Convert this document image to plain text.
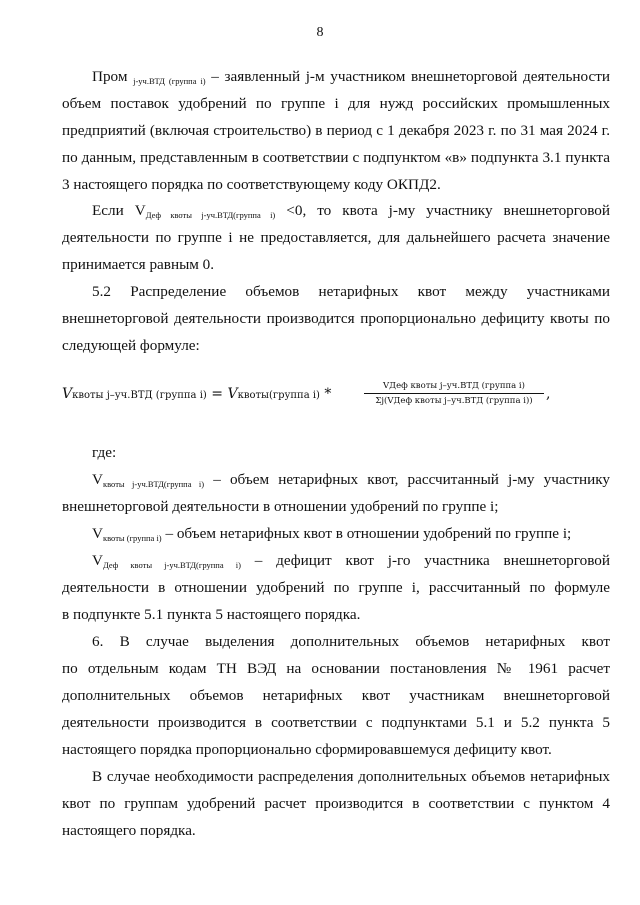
8
Пром j-уч.ВТД (группа i) – заявленный j-м участником внешнеторговой деятельности
объем поставок удобрений по группе i для нужд российских промышленных
предприятий (включая строительство) в период с 1 декабря 2023 г. по 31 мая 2024 г.
по данным, представленным в соответствии с подпунктом «в» подпункта 3.1 пункта
3 настоящего порядка по соответствующему коду ОКПД2.
Если VДеф квоты j-уч.ВТД(группа i) <0, то квота j-му участнику внешнеторговой
деятельности по группе i не предоставляется, для дальнейшего расчета значение
принимается равным 0.
5.2 Распределение объемов нетарифных квот между участниками
внешнеторговой деятельности производится пропорционально дефициту квоты по
следующей формуле:
Vквоты j–уч.ВТД (группа i) = Vквоты(группа i) *	VДеф квоты j–уч.ВТД (группа i)
Σj(VДеф квоты j–уч.ВТД (группа i)) ,
где:
Vквоты j-уч.ВТД(группа i) – объем нетарифных квот, рассчитанный j-му участнику
внешнеторговой деятельности в отношении удобрений по группе i;
Vквоты (группа i) – объем нетарифных квот в отношении удобрений по группе i;
VДеф квоты j-уч.ВТД(группа i) – дефицит квот j-го участника внешнеторговой
деятельности в отношении удобрений по группе i, рассчитанный по формуле
в подпункте 5.1 пункта 5 настоящего порядка.
6. В случае выделения дополнительных объемов нетарифных квот
по отдельным кодам ТН ВЭД на основании постановления № 1961 расчет
дополнительных объемов нетарифных квот участникам внешнеторговой
деятельности производится в соответствии с подпунктами 5.1 и 5.2 пункта 5
настоящего порядка пропорционально сформировавшемуся дефициту квот.
В случае необходимости распределения дополнительных объемов нетарифных
квот по группам удобрений расчет производится в соответствии с пунктом 4
настоящего порядка.
